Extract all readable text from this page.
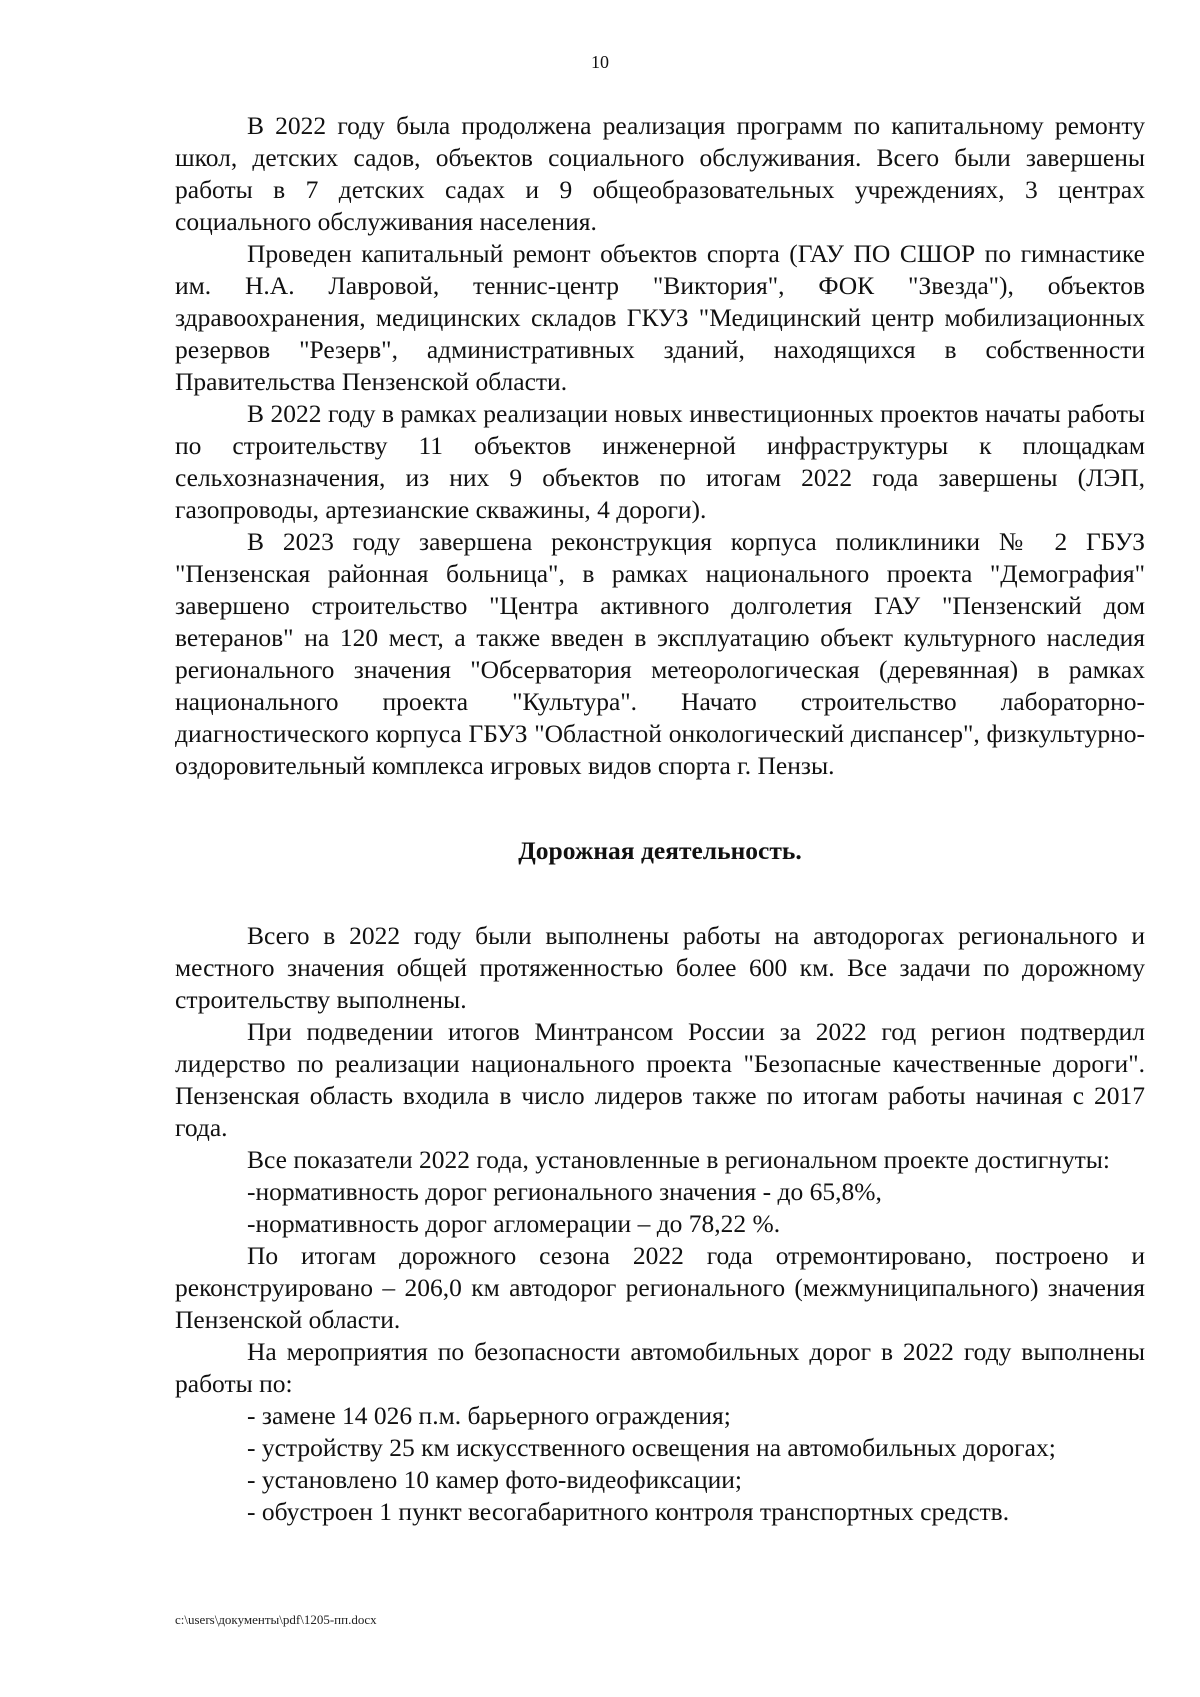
10

В 2022 году была продолжена реализация программ по капитальному ремонту школ, детских садов, объектов социального обслуживания. Всего были завершены работы в 7 детских садах и 9 общеобразовательных учреждениях, 3 центрах социального обслуживания населения.

Проведен капитальный ремонт объектов спорта (ГАУ ПО СШОР по гимнастике им. Н.А. Лавровой, теннис-центр "Виктория", ФОК "Звезда"), объектов здравоохранения, медицинских складов ГКУЗ "Медицинский центр мобилизационных резервов "Резерв", административных зданий, находящихся в собственности Правительства Пензенской области.

В 2022 году в рамках реализации новых инвестиционных проектов начаты работы по строительству 11 объектов инженерной инфраструктуры к площадкам сельхозназначения, из них 9 объектов по итогам 2022 года завершены (ЛЭП, газопроводы, артезианские скважины, 4 дороги).

В 2023 году завершена реконструкция корпуса поликлиники № 2 ГБУЗ "Пензенская районная больница", в рамках национального проекта "Демография" завершено строительство "Центра активного долголетия ГАУ "Пензенский дом ветеранов" на 120 мест, а также введен в эксплуатацию объект культурного наследия регионального значения "Обсерватория метеорологическая (деревянная) в рамках национального проекта "Культура". Начато строительство лабораторно-диагностического корпуса ГБУЗ "Областной онкологический диспансер", физкультурно-оздоровительный комплекса игровых видов спорта г. Пензы.

Дорожная деятельность.

Всего в 2022 году были выполнены работы на автодорогах регионального и местного значения общей протяженностью более 600 км. Все задачи по дорожному строительству выполнены.

При подведении итогов Минтрансом России за 2022 год регион подтвердил лидерство по реализации национального проекта "Безопасные качественные дороги". Пензенская область входила в число лидеров также по итогам работы начиная с 2017 года.

Все показатели 2022 года, установленные в региональном проекте достигнуты:

-нормативность дорог регионального значения - до 65,8%,

-нормативность дорог агломерации – до 78,22 %.

По итогам дорожного сезона 2022 года отремонтировано, построено и реконструировано – 206,0 км автодорог регионального (межмуниципального) значения Пензенской области.

На мероприятия по безопасности автомобильных дорог в 2022 году выполнены работы по:

- замене 14 026 п.м. барьерного ограждения;

- устройству 25 км искусственного освещения на автомобильных дорогах;

- установлено 10 камер фото-видеофиксации;

- обустроен 1 пункт весогабаритного контроля транспортных средств.

c:\users\документы\pdf\1205-пп.docx
